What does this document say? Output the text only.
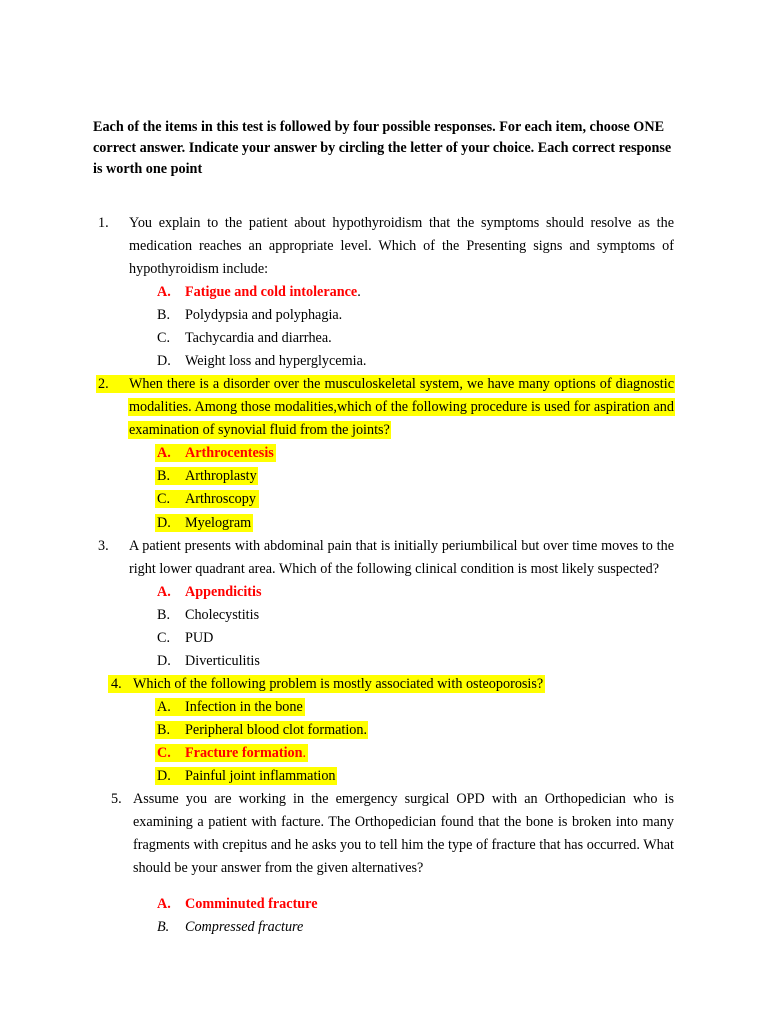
Each of the items in this test is followed by four possible responses. For each item, choose ONE correct answer. Indicate your answer by circling the letter of your choice. Each correct response is worth one point
1. You explain to the patient about hypothyroidism that the symptoms should resolve as the
medication reaches an appropriate level. Which of the Presenting signs and symptoms of
hypothyroidism include:
A. Fatigue and cold intolerance.
B. Polydypsia and polyphagia.
C. Tachycardia and diarrhea.
D. Weight loss and hyperglycemia.
2. When there is a disorder over the musculoskeletal system, we have many options of diagnostic
modalities. Among those modalities,which of the following procedure is used for aspiration and
examination of synovial fluid from the joints?
A. Arthrocentesis
B. Arthroplasty
C. Arthroscopy
D. Myelogram
3. A patient presents with abdominal pain that is initially periumbilical but over time moves to the
right lower quadrant area. Which of the following clinical condition is most likely suspected?
A. Appendicitis
B. Cholecystitis
C. PUD
D. Diverticulitis
4. Which of the following problem is mostly associated with osteoporosis?
A. Infection in the bone
B. Peripheral blood clot formation.
C. Fracture formation.
D. Painful joint inflammation
5. Assume you are working in the emergency surgical OPD with an Orthopedician who is
examining a patient with facture. The Orthopedician found that the bone is broken into many
fragments with crepitus and he asks you to tell him the type of fracture that has occurred. What
should be your answer from the given alternatives?
A. Comminuted fracture
B. Compressed fracture
